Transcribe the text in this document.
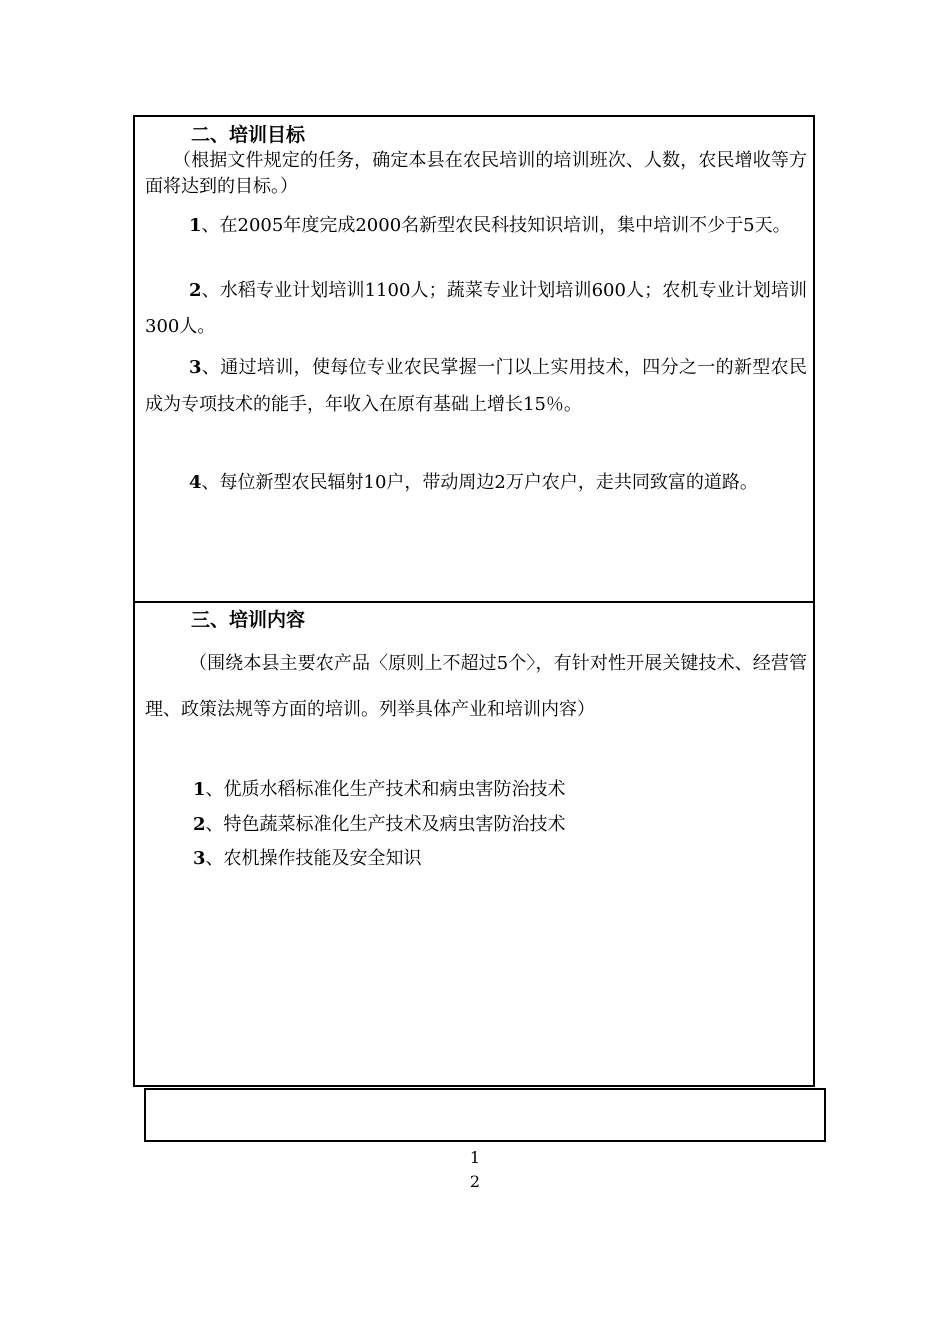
二、培训目标

（根据文件规定的任务，确定本县在农民培训的培训班次、人数，农民增收等方面将达到的目标。）

1、在2005年度完成2000名新型农民科技知识培训，集中培训不少于5天。

2、水稻专业计划培训1100人；蔬菜专业计划培训600人；农机专业计划培训300人。

3、通过培训，使每位专业农民掌握一门以上实用技术，四分之一的新型农民成为专项技术的能手，年收入在原有基础上增长15％。

4、每位新型农民辐射10户，带动周边2万户农户，走共同致富的道路。

三、培训内容

（围绕本县主要农产品〈原则上不超过5个〉，有针对性开展关键技术、经营管理、政策法规等方面的培训。列举具体产业和培训内容）

1、优质水稻标准化生产技术和病虫害防治技术
2、特色蔬菜标准化生产技术及病虫害防治技术
3、农机操作技能及安全知识
1
2
